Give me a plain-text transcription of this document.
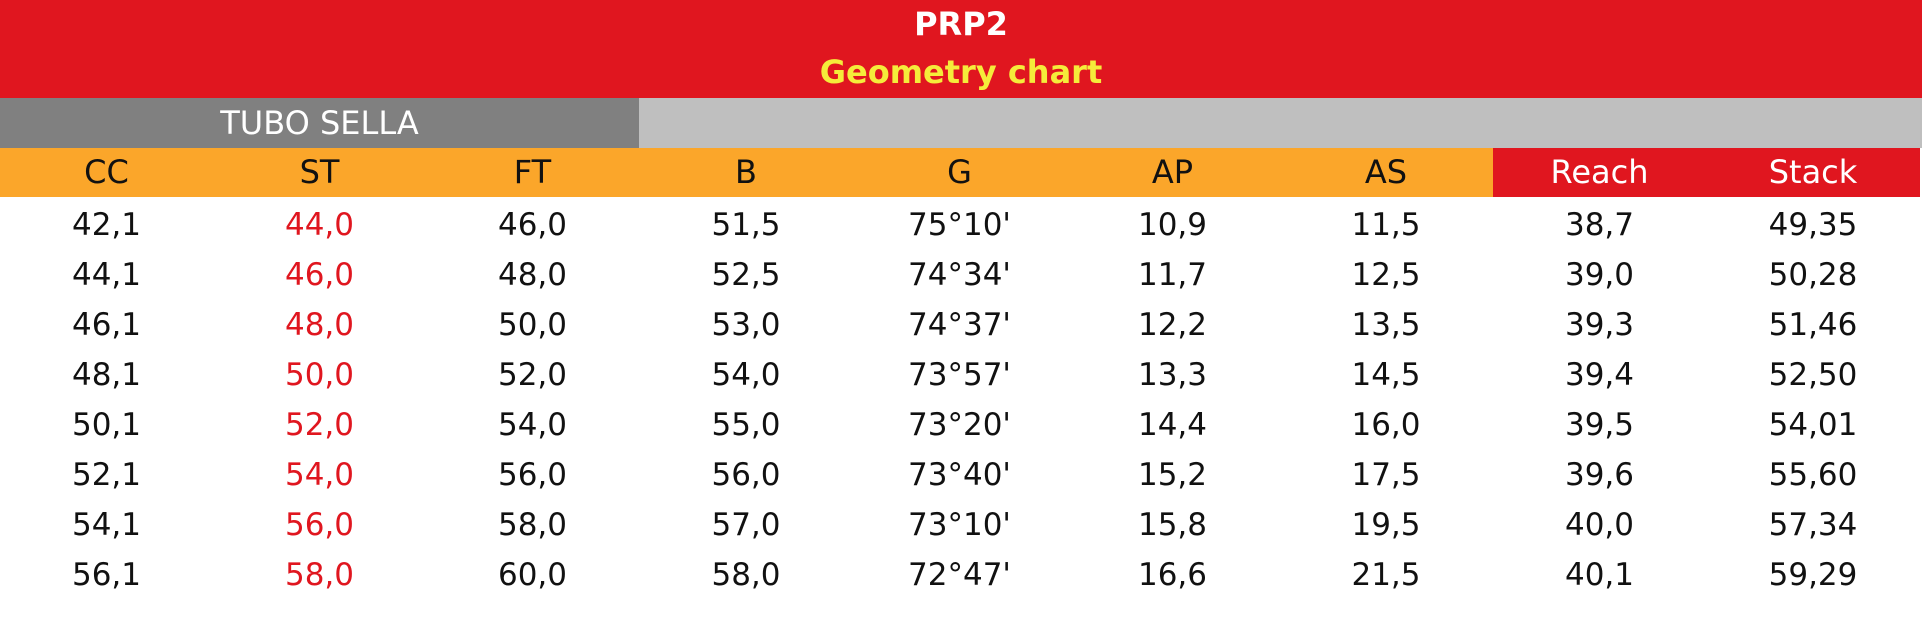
PRP2
Geometry chart
TUBO SELLA
CC	ST	FT	B	G	AP	AS	Reach	Stack
42,1	44,0	46,0	51,5	75°10'	10,9	11,5	38,7	49,35
44,1	46,0	48,0	52,5	74°34'	11,7	12,5	39,0	50,28
46,1	48,0	50,0	53,0	74°37'	12,2	13,5	39,3	51,46
48,1	50,0	52,0	54,0	73°57'	13,3	14,5	39,4	52,50
50,1	52,0	54,0	55,0	73°20'	14,4	16,0	39,5	54,01
52,1	54,0	56,0	56,0	73°40'	15,2	17,5	39,6	55,60
54,1	56,0	58,0	57,0	73°10'	15,8	19,5	40,0	57,34
56,1	58,0	60,0	58,0	72°47'	16,6	21,5	40,1	59,29
